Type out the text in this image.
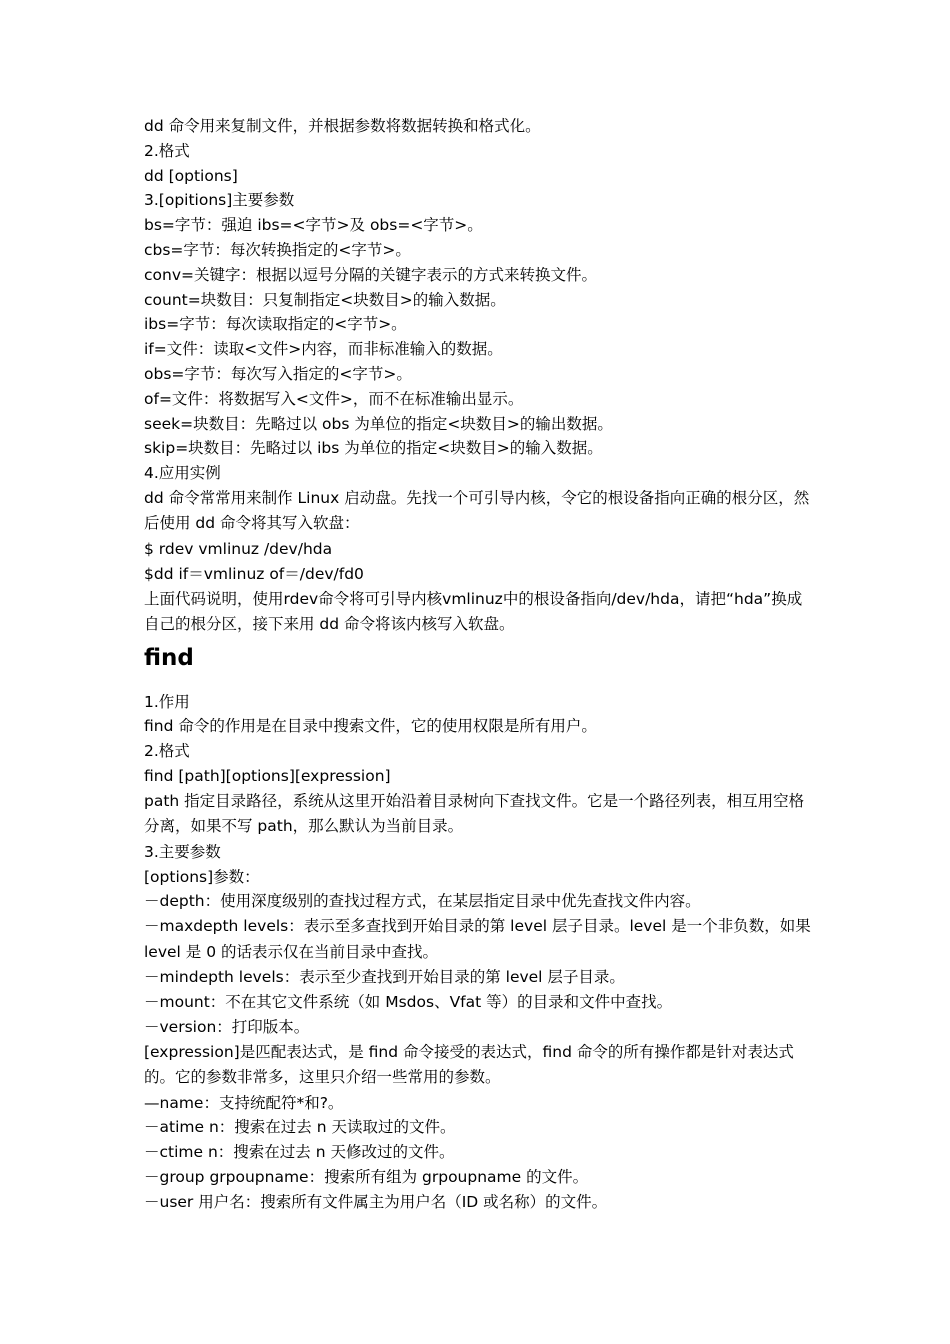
dd 命令用来复制文件，并根据参数将数据转换和格式化。
2.格式
dd [options]
3.[opitions]主要参数
bs=字节：强迫 ibs=<字节>及 obs=<字节>。
cbs=字节：每次转换指定的<字节>。
conv=关键字：根据以逗号分隔的关键字表示的方式来转换文件。
count=块数目：只复制指定<块数目>的输入数据。
ibs=字节：每次读取指定的<字节>。
if=文件：读取<文件>内容，而非标准输入的数据。
obs=字节：每次写入指定的<字节>。
of=文件：将数据写入<文件>，而不在标准输出显示。
seek=块数目：先略过以 obs 为单位的指定<块数目>的输出数据。
skip=块数目：先略过以 ibs 为单位的指定<块数目>的输入数据。
4.应用实例
dd 命令常常用来制作 Linux 启动盘。先找一个可引导内核，令它的根设备指向正确的根分区，然后使用 dd 命令将其写入软盘：
$ rdev vmlinuz /dev/hda
$dd if＝vmlinuz of＝/dev/fd0
上面代码说明，使用rdev命令将可引导内核vmlinuz中的根设备指向/dev/hda，请把“hda”换成自己的根分区，接下来用 dd 命令将该内核写入软盘。
find
1.作用
find 命令的作用是在目录中搜索文件，它的使用权限是所有用户。
2.格式
find [path][options][expression]
path 指定目录路径，系统从这里开始沿着目录树向下查找文件。它是一个路径列表，相互用空格分离，如果不写 path，那么默认为当前目录。
3.主要参数
[options]参数：
－depth：使用深度级别的查找过程方式，在某层指定目录中优先查找文件内容。
－maxdepth levels：表示至多查找到开始目录的第 level 层子目录。level 是一个非负数，如果 level 是 0 的话表示仅在当前目录中查找。
－mindepth levels：表示至少查找到开始目录的第 level 层子目录。
－mount：不在其它文件系统（如 Msdos、Vfat 等）的目录和文件中查找。
－version：打印版本。
[expression]是匹配表达式，是 find 命令接受的表达式，find 命令的所有操作都是针对表达式的。它的参数非常多，这里只介绍一些常用的参数。
—name：支持统配符*和?。
－atime n：搜索在过去 n 天读取过的文件。
－ctime n：搜索在过去 n 天修改过的文件。
－group grpoupname：搜索所有组为 grpoupname 的文件。
－user 用户名：搜索所有文件属主为用户名（ID 或名称）的文件。
